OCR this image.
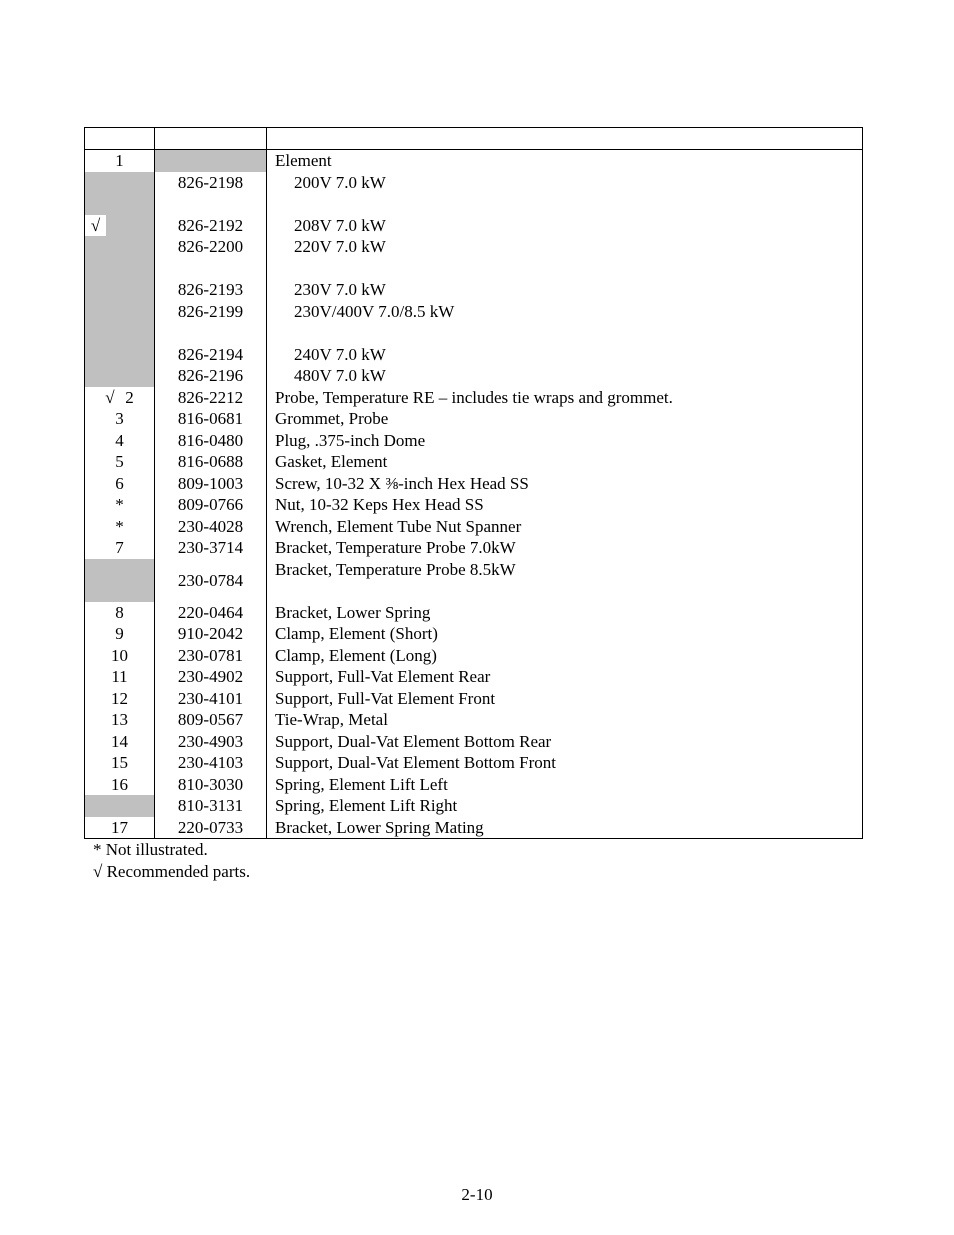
1		Element
	826-2198	200V 7.0 kW

√	826-2192	208V 7.0 kW
	826-2200	220V 7.0 kW

	826-2193	230V 7.0 kW
	826-2199	230V/400V 7.0/8.5 kW

	826-2194	240V 7.0 kW
	826-2196	480V 7.0 kW
√ 2	826-2212	Probe, Temperature RE – includes tie wraps and grommet.
3	816-0681	Grommet, Probe
4	816-0480	Plug, .375-inch Dome
5	816-0688	Gasket, Element
6	809-1003	Screw, 10-32 X ⅜-inch Hex Head SS
*	809-0766	Nut, 10-32 Keps Hex Head SS
*	230-4028	Wrench, Element Tube Nut Spanner
7	230-3714	Bracket, Temperature Probe 7.0kW
	230-0784	Bracket, Temperature Probe 8.5kW
8	220-0464	Bracket, Lower Spring
9	910-2042	Clamp, Element (Short)
10	230-0781	Clamp, Element (Long)
11	230-4902	Support, Full-Vat Element Rear
12	230-4101	Support, Full-Vat Element Front
13	809-0567	Tie-Wrap, Metal
14	230-4903	Support, Dual-Vat Element Bottom Rear
15	230-4103	Support, Dual-Vat Element Bottom Front
16	810-3030	Spring, Element Lift Left
	810-3131	Spring, Element Lift Right
17	220-0733	Bracket, Lower Spring Mating
* Not illustrated.
√ Recommended parts.
2-10
